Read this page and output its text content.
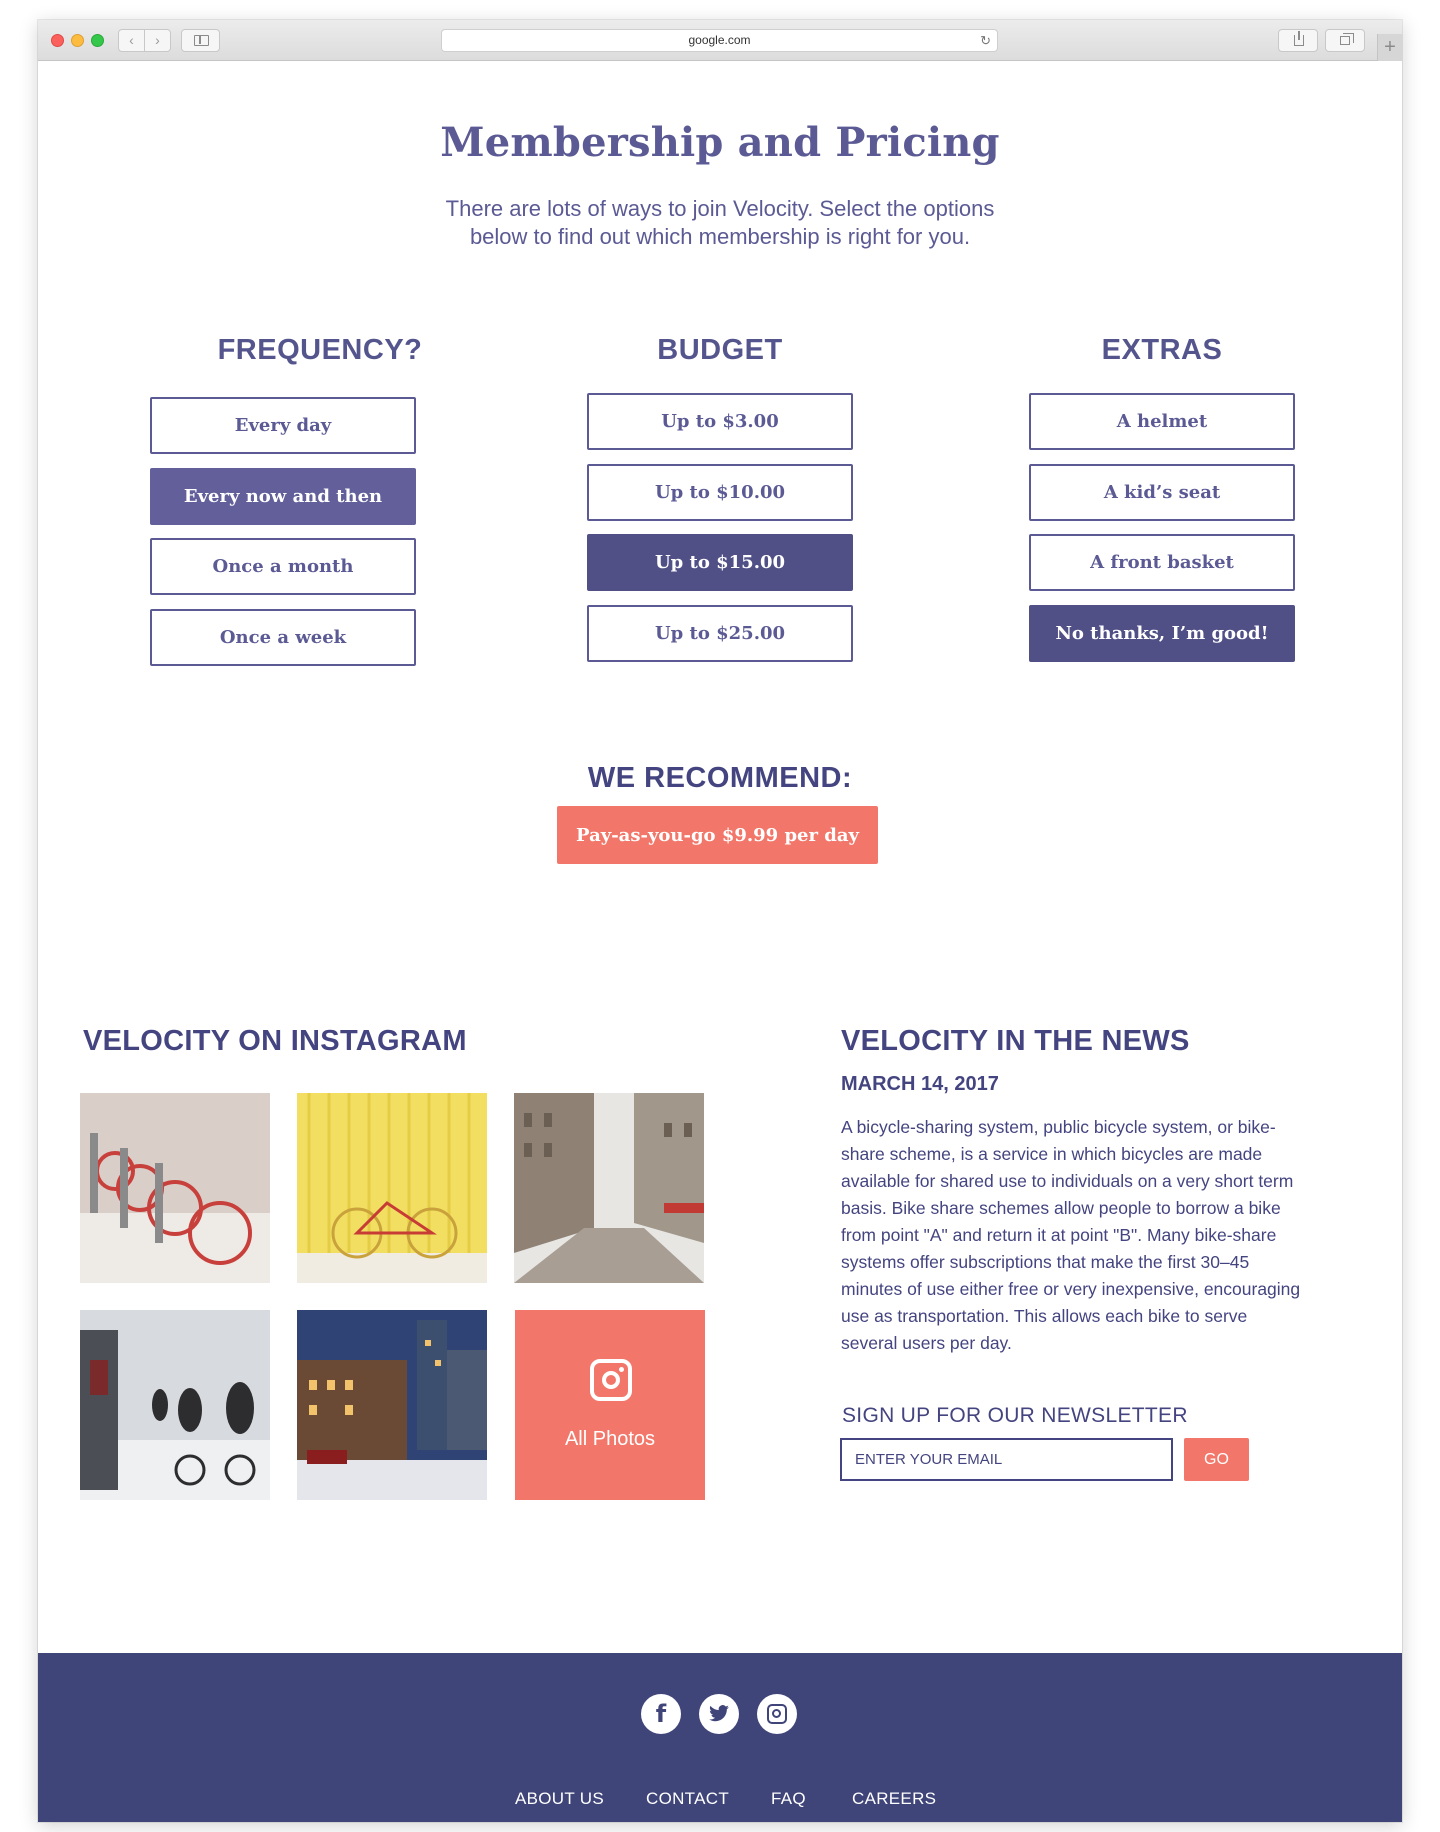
‹	›	google.com	↻	+
Membership and Pricing

There are lots of ways to join Velocity. Select the options below to find out which membership is right for you.

FREQUENCY?
Every day
Every now and then
Once a month
Once a week
BUDGET
Up to $3.00
Up to $10.00
Up to $15.00
Up to $25.00
EXTRAS
A helmet
A kid’s seat
A front basket
No thanks, I’m good!
WE RECOMMEND:
Pay-as-you-go $9.99 per day
VELOCITY ON INSTAGRAM
All Photos
VELOCITY IN THE NEWS
MARCH 14, 2017

A bicycle-sharing system, public bicycle system, or bike-share scheme, is a service in which bicycles are made available for shared use to individuals on a very short term basis. Bike share schemes allow people to borrow a bike from point "A" and return it at point "B". Many bike-share systems offer subscriptions that make the first 30–45 minutes of use either free or very inexpensive, encouraging use as transportation. This allows each bike to serve several users per day.

SIGN UP FOR OUR NEWSLETTER
ENTER YOUR EMAIL
GO
f
ABOUT US CONTACT FAQ	CAREERS
